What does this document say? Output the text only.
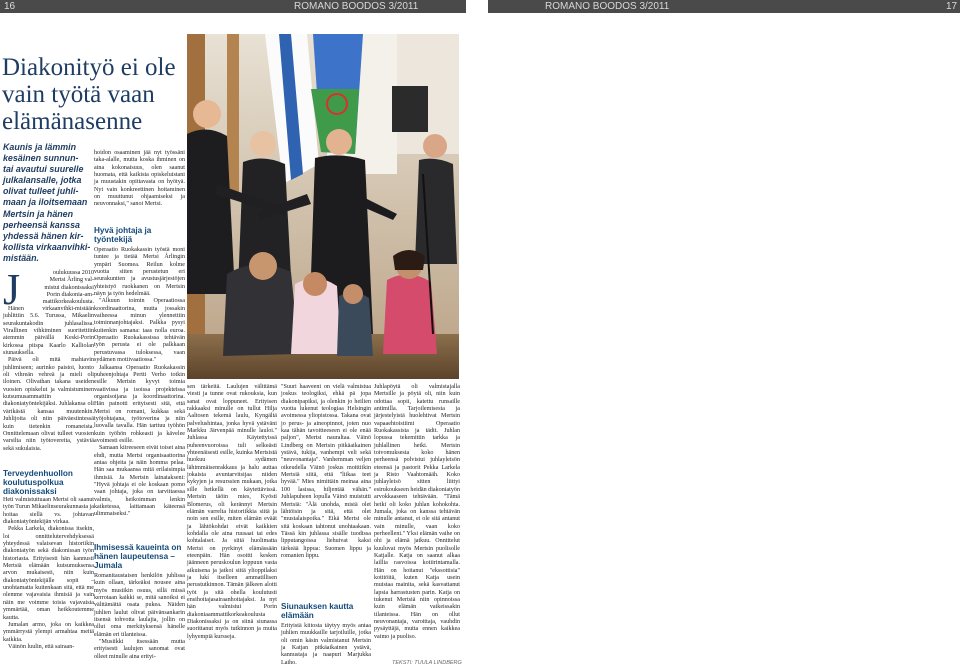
16	ROMANO BOODOS 3/2011	ROMANO BOODOS 3/2011	17
Diakonityö ei ole
vain työtä vaan
elämänasenne
Kaunis ja lämmin
kesäinen sunnun-
tai avautui suurelle
julkalansalle, jotka
olivat tulleet juhli-
maan ja iloitsemaan
Mertsin ja hänen
perheensä kanssa
yhdessä hänen kir-
kollista virkaanvihki-
mistään.
J	oulukuussa 2010
Mertsi Årling val-
mistui diakonissaksi
Porin diakonia-am-
mattikorkeakoulusta.

Hänen virkaanvihki-mistään juhlittiin 5.6. Turussa, Mikaelin seurakuntakodin juhlasalissa. Virallinen vihkiminen suoritettiin aiemmin päivällä Keski-Porin kirkossa piispa Kaarlo Kalliolan siunauksella.

Päivä oli mitä mahtavin juhlimiseen; aurinko paistoi, luonto oli vihreän vehreä ja mieli oli iloinen. Olivathan takana useiden vuosien opiskelut ja valmistuminen kutsumusammattiin diakoniatyöntekijäksi. Juhlakansa oli värikästä kansaa muutenkin. Juhlijoita oli niin päiväesiintessä kuin tietenkin romaneista. Onnittelemaan olivat tulleet vuosien varsilta niin työtovereita, ystäviä sekä sukulaisia.

Terveydenhuollon koulutuspolkua diakonissaksi

Heti valmistuttuaan Mertsi oli saanut työn Turun Mikaelinseurakunnasta ja hoitaa siellä vs. johtavan diakoniatyöntekijän virkaa.

Pekka Larkela, diakonissa itsekin, loi onnittelutervehdyksessä yhteydessä valaisevan historiikin diakoniatyön sekä diakonissan työn historiasta. Erityisesti hän kannusti Mertsiä elämään kutsumuksensa arvon mukaisesti, niin kuin diakoniatyöntekijälle sopii – unohtamatta kuitenkaan sitä, että me olemme vajavaisia ihmisiä ja vain näin me voimme toisia vajavaisia ymmärtää, oman heikkoutemme kautta.

Jumalan armo, joka on kaikkea ymmärrystä ylempi armahtaa meitä kaikkia.

Väinön luulin, että sairaan-

hoidon osaaminen jää nyt työssäni taka-alalle, mutta koska ihminen on aina kokonaisuus, olen saanut huomata, että kaikista opiskeluistani ja muustakin opittavasta on hyötyä. Nyt vain konkreettinen hoitaminen on muuttunut ohjaamiseksi ja neuvonnaksi," sanoi Mertsi.

Hyvä johtaja ja työntekijä

Operaatio Ruokakassin työstä moni tuntee ja tietää Mertsi Årlingin ympäri Suomea. Reilun kolme vuotta sitten perustetun eri seurakuntien ja avustusjärjestöjen yhteistyö ruokkanen on Mertsin näyn ja työn hedelmää.

"Alkuun toimin Operaatiossa koordinaattorina, mutta jossakin vaiheessa minun ylennettiin toiminnanjohtajaksi. Palkka pysyi kuitenkin samana: taas nolla euroa. Operaatio Ruokakassissa tehtävän työn perusta ei ole palkkaan perustuvassa tuloksessa, vaan sydämen motiivaatiossa."

Jalkaansa Operaatio Ruokakassin puheenjohtaja Pertti Verho totkin esille Mertsin kyvyt toimia vaativissa ja isoissa projekteissa organisoijana ja koordinaattorina. Hän painotti erityisesti sitä, että Mertsi on romani, kukkaa sekä työjohtajana, työtoverina ja niin luovalla tavalla. Hän tarttuu työhön kuin työhön rohkeasti ja kävelee avoimesti esille.

Samaan kiireeseen eivät toiset aina ehdi, mutta Mertsi organisaattorina antaa ohjeita ja näin homma pelaa. Hän saa mukaansa mitä erilaisimpia ihmisiä. Ja Mertsin lainatakseni: "Hyvä johtaja ei ole koskaan pomo vaan johtaja, joka on tarvittaessa valmis, heikoimman lenkin katketessa, laittamaan käteensä ulimmaiseksi."

Ihmisessä kaueinta on hänen laupeutensa – Jumala

Romanitaustaisen henkilön juhlissa kuin ollaan, tärkeäksi nousee aina myös musiikin osuus, sillä missä kerrotaan kaikki se, mitä sanoiksi ei välttämättä osata pukea. Näiden juhlien laulut olivat päivänsankarin itsensä tohvotta laulajia, jollin on ollut oma merkityksensä hänelle elämän eri tilanteissa.

"Musiikki itsessään mutta erityisesti laulujen sanomat ovat olleet minulle aina erityi-

sen tärkeitä. Laulujen välittämä viesti ja tunne ovat rukouksia, kun sanat ovat loppuneet. Erityisen rakkaaksi minulle on tullut Hilja Aaltosen tekemä laulu, Kyngältä palvelushintaa, jonka hyvä ystäväni Markku Järvenpää minulle lauloi." Juhlassa Käytettyissä puheenvuoroissa tuli selkeästi yhteenäisesti esille, kuinka Mertsistä huokuu sydämen lähimmäisenrakkaus ja halu auttaa jokaista avuntarvitsijaa niiden kykyjen ja resurssien mukaan, jotka sille hetkellä on käytettävissä. Mertsin täöin mies, Kyösti Blomerus, oli kerännyt Mertsin elämän varrelta historiikkia siitä ja noin sen esille, miten elämän eväät ja lähtökohdat eivät kaikkien kohdalla ole aina ruusaat tai edes kohtalaiset. Ja siitä huolimatta Mertsi on pyrkinyt elämässään eteenpäin. Hän osoitti kesken jäänneen peruskoulun loppuun vasta aikuisena ja jatkoi siitä ylioppilaksi ja lukí itselleen ammatillisen perustutkinnon. Tämän jälkeen alotti työt ja sitä ohella koulutusti ensihoitajasairaanhoitajaksi. Ja nyt hän valmistui Porin diakoniaammattikorkeakoulusta Diakonissaksi ja on siinä siunassa suorittanut myös tutkinnon ja muita lyhyempiä kursseja.

"Suuri haaveeni on vielä valmistua joskus teologiksi, ehkä pä jopa diakonipapiksi, ja olenkin jo heilien vuotta lukenut teologiaa Helsingin avoimessa yliopistossa. Takana ovat jo perus- ja aineopinnot, joten nuo kaa tähän tavoitteeseen ei ole enää paljon", Mertsi nauraltaa. Väinö Lindberg on Mertsin pitkäaikainen ystävä, tukija, vanhempi veli sekä "neuvonantaja". Vanhemman veljen oikeudella Väinö joskus moittiikin Mertsiä siitä, että "liikaa teet hyvää." Mies nimittäin meinaa aina 100 lasissa, hiljentää vähän." Juhlapuheen lopulla Väinö muistutti Mertsiä: "Älä unohda, mistä olet lähtöisin ja sitä, että olet "mustalaispoika." Eikä Mertsi ole sitä koskaan tahtonut unohtaakaan. Tässä kin juhlassa sisälle tuodissa lipputangoissa liehuivat kaksi tärkeää lippua: Suomen lippu ja romanien lippu.

Siunauksen kautta elämään

Erityistä kiitosta täytyy myös antaa juhlien muukkaille tarjoiluille, jotka oli omin käsin valmistanut Mertsin ja Katjan pitkäaikainen ystävä, kannustaja ja naapuri Marjukka Laiho.

Juhlapöytä oli valmistajalla Mertsille ja pöytä oli, niin kuin odottaa sopii, katettu runsaille antimilla. Tarjoilemisesta ja järjestelyistä huolehtivat Mertsin vapaaehtoistiimi Operaatio Ruokakassista ja tädit. Juhlan lopussa tekemittin tarkka ja juhlallinen hetki. Mertsin toivomuksesta koko hänen perheensä polvistui juhlayleisön eteensä ja pastorit Pekka Larkela ja Risto Vaahtomääh. Koko juhlayleisö sitten liittyi esirukoukseen heidän diakoniatyön arvokkaaseen tehtävään. "Tämä hetki oli koko juhlan kohokohta. Jumala, joka on kanssa tehtävän minulle antanut, ei ole sitä antanut vain minulle, vaan koko perheelleni." Yksi elämän vaihe on ohi ja elämä jatkuu. Onnittelut kuuluvat myös Mertsin puolisolle Katjalle. Katja on saanut alkaa laillia rasvoissa kotiirintamalla. Hän on hoitanut "ekssottisia" kotitöitä, kuten Katja usein muistaa mainita, sekä kasvattanut lapsia harrastusten parin. Katja on tukenut Mertsiä niin opinnoissa kuin elämän vaikeissakin tilanteissa. Hän on ollut neuvonantaja, varoittaja, vauhdin pysäyttäjä, mutta ennen kaikkea vaimo ja puoliso.

TEKSTI: TUULA LINDBERG
